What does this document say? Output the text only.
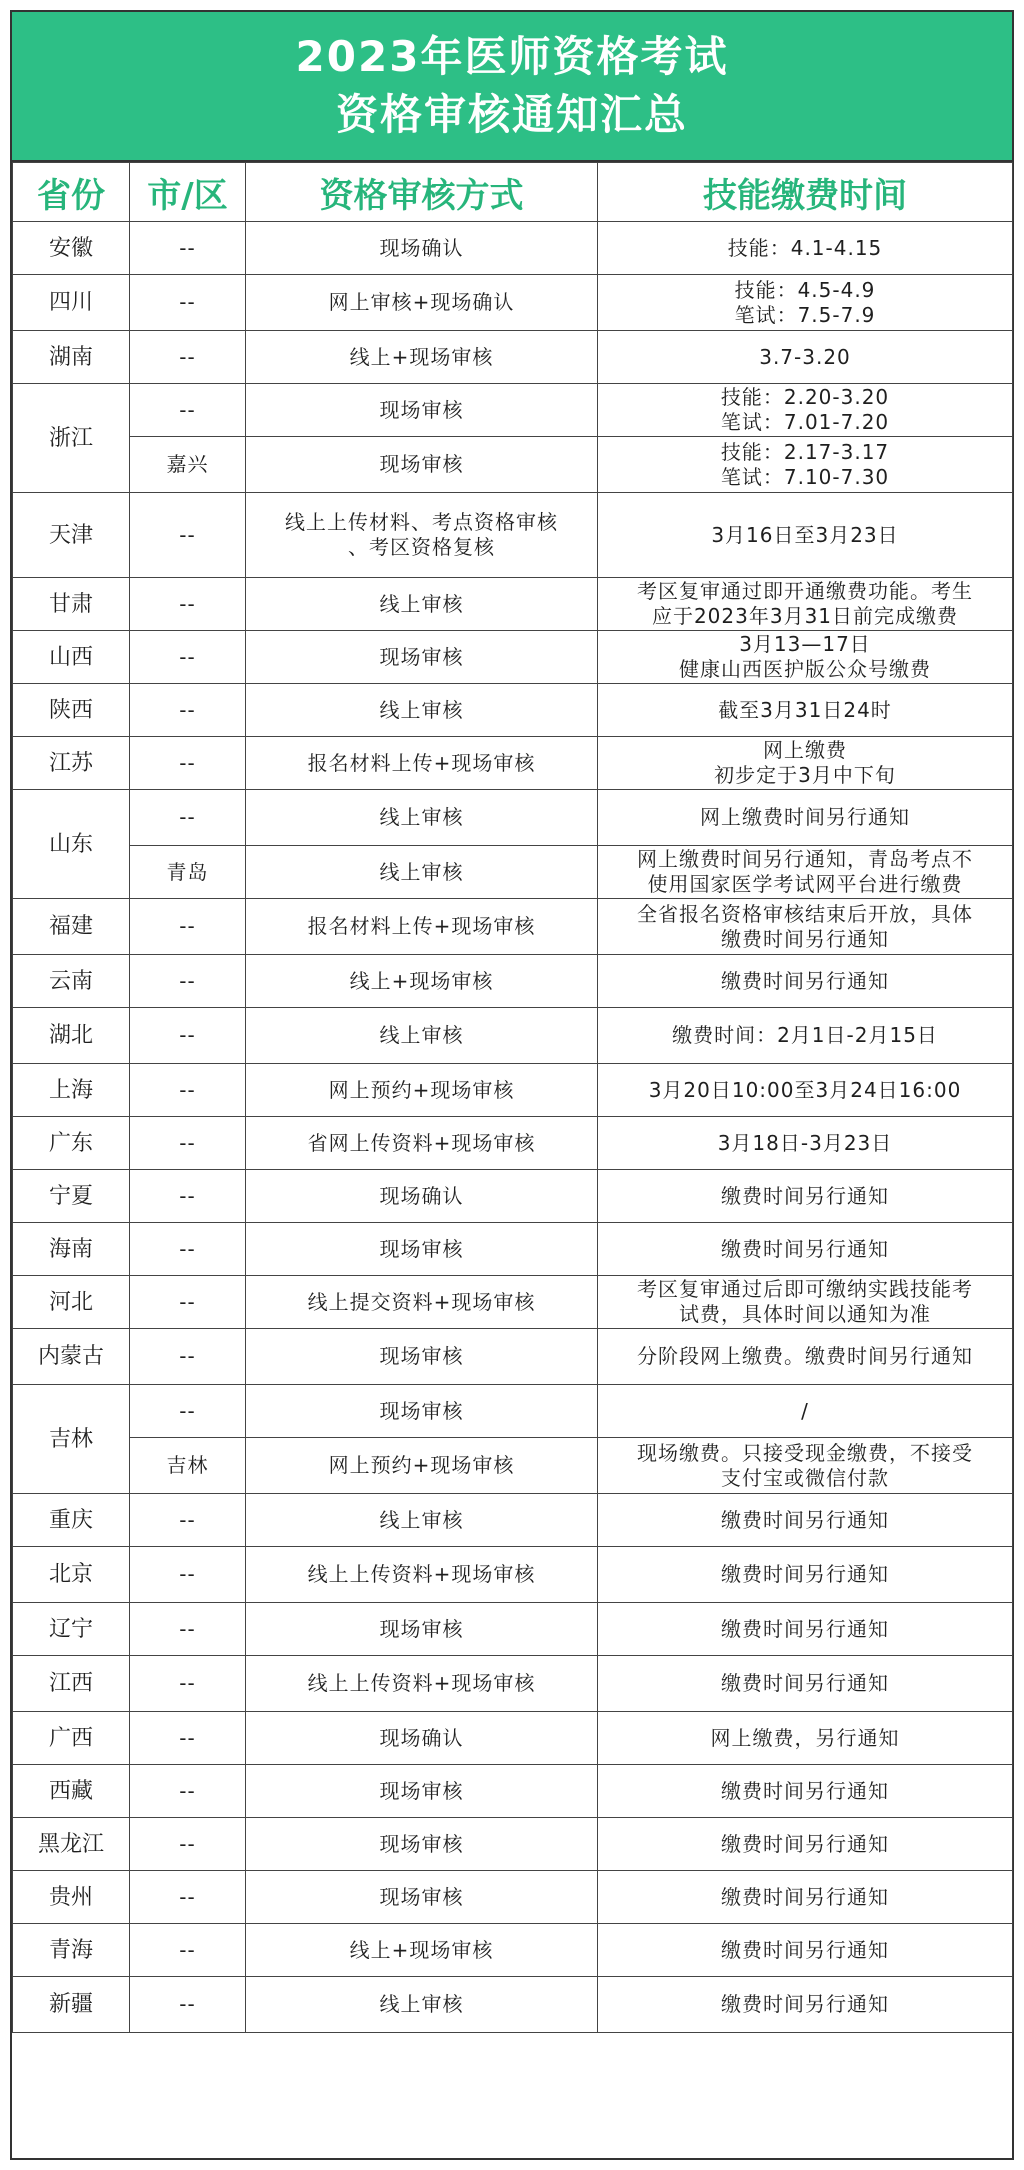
2023年医师资格考试
资格审核通知汇总
省份	市/区	资格审核方式	技能缴费时间
安徽	--	现场确认	技能：4.1-4.15

四川	--	网上审核+现场确认	技能：4.5-4.9
笔试：7.5-7.9

湖南	--	线上+现场审核	3.7-3.20

浙江	--	现场审核	技能：2.20-3.20
笔试：7.01-7.20

	嘉兴	现场审核	技能：2.17-3.17
笔试：7.10-7.30

天津	--	线上上传材料、考点资格审核
、考区资格复核	3月16日至3月23日

甘肃	--	线上审核	考区复审通过即开通缴费功能。考生
应于2023年3月31日前完成缴费

山西	--	现场审核	3月13—17日
健康山西医护版公众号缴费

陕西	--	线上审核	截至3月31日24时

江苏	--	报名材料上传+现场审核	网上缴费
初步定于3月中下旬

山东	--	线上审核	网上缴费时间另行通知

	青岛	线上审核	网上缴费时间另行通知，青岛考点不
使用国家医学考试网平台进行缴费

福建	--	报名材料上传+现场审核	全省报名资格审核结束后开放，具体
缴费时间另行通知

云南	--	线上+现场审核	缴费时间另行通知

湖北	--	线上审核	缴费时间：2月1日-2月15日

上海	--	网上预约+现场审核	3月20日10:00至3月24日16:00

广东	--	省网上传资料+现场审核	3月18日-3月23日

宁夏	--	现场确认	缴费时间另行通知

海南	--	现场审核	缴费时间另行通知

河北	--	线上提交资料+现场审核	考区复审通过后即可缴纳实践技能考
试费，具体时间以通知为准

内蒙古	--	现场审核	分阶段网上缴费。缴费时间另行通知

吉林	--	现场审核	/

	吉林	网上预约+现场审核	现场缴费。只接受现金缴费，不接受
支付宝或微信付款

重庆	--	线上审核	缴费时间另行通知

北京	--	线上上传资料+现场审核	缴费时间另行通知

辽宁	--	现场审核	缴费时间另行通知

江西	--	线上上传资料+现场审核	缴费时间另行通知

广西	--	现场确认	网上缴费，另行通知

西藏	--	现场审核	缴费时间另行通知

黑龙江	--	现场审核	缴费时间另行通知

贵州	--	现场审核	缴费时间另行通知

青海	--	线上+现场审核	缴费时间另行通知

新疆	--	线上审核	缴费时间另行通知
